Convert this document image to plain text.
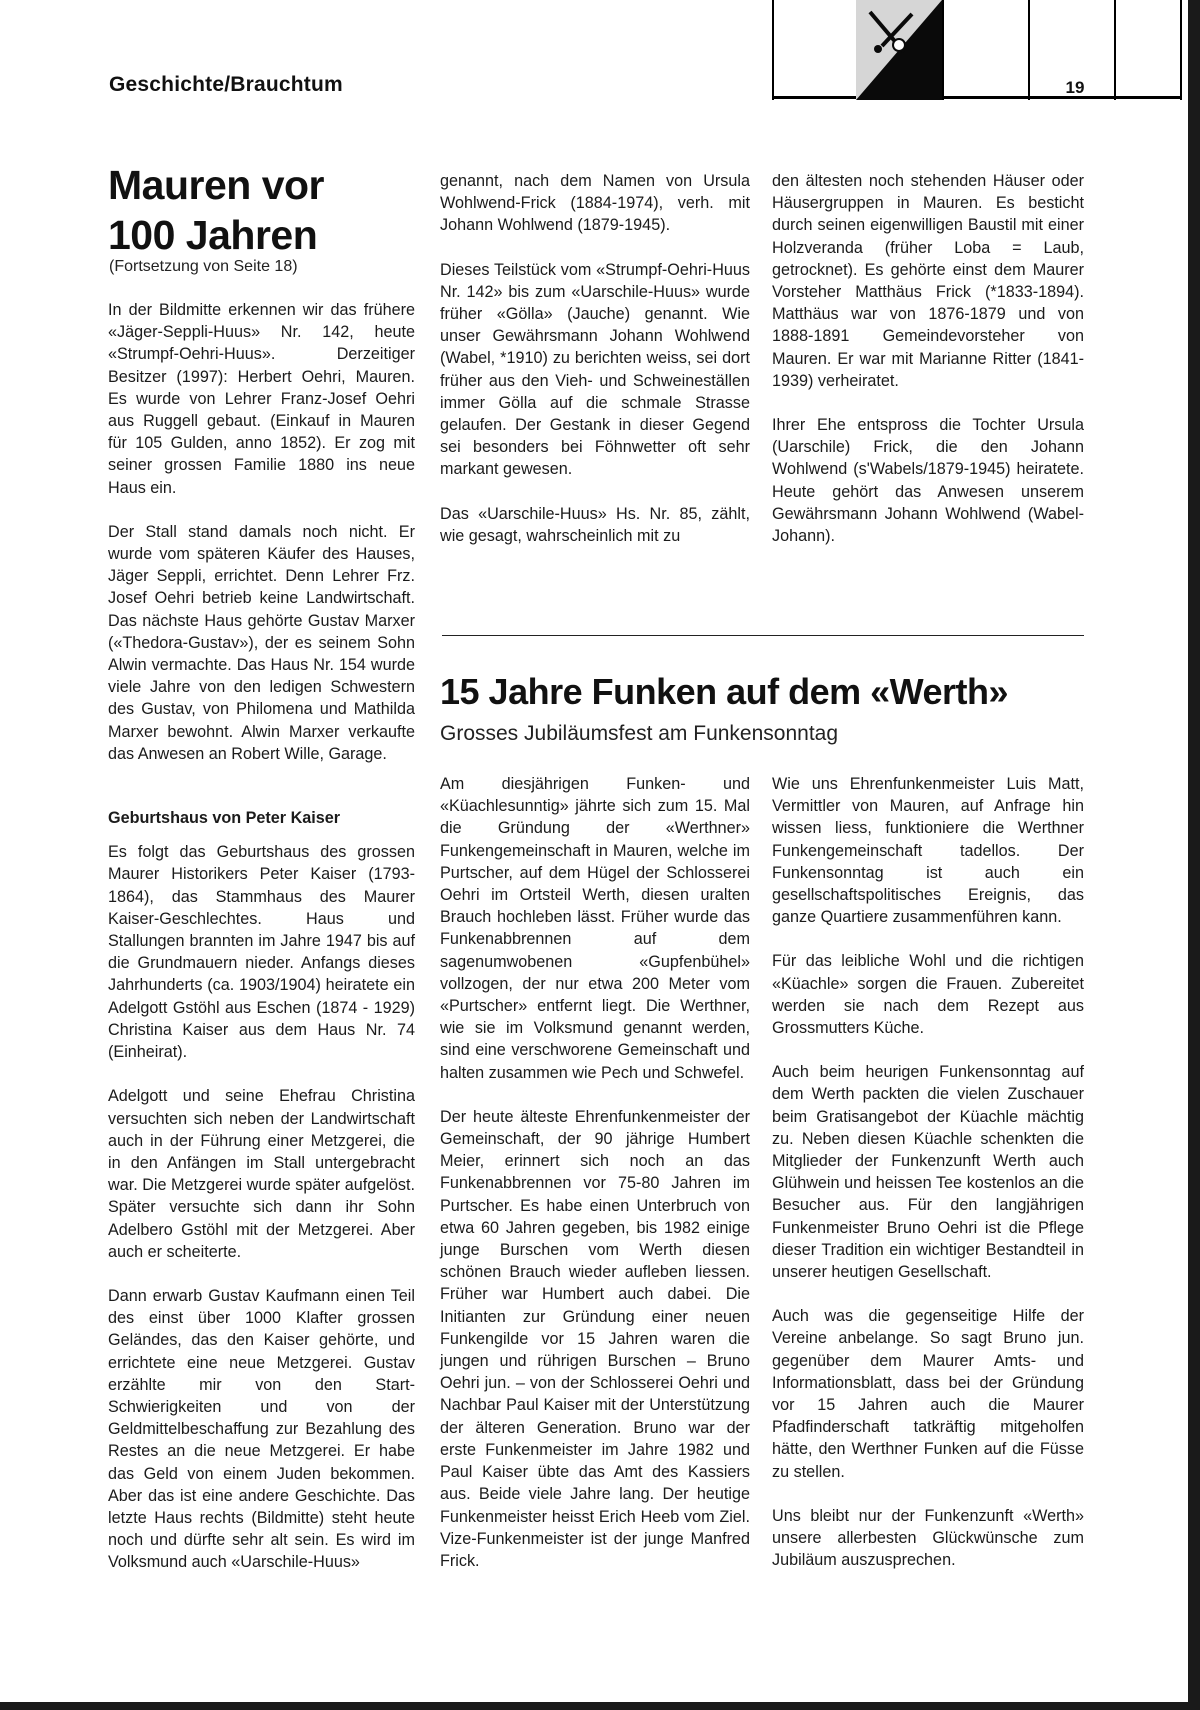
Geschichte/Brauchtum	19
Mauren vor
100 Jahren
(Fortsetzung von Seite 18)

In der Bildmitte erkennen wir das frühere «Jäger-Seppli-Huus» Nr. 142, heute «Strumpf-Oehri-Huus». Derzeitiger Besitzer (1997): Herbert Oehri, Mauren. Es wurde von Lehrer Franz-Josef Oehri aus Ruggell gebaut. (Einkauf in Mauren für 105 Gulden, anno 1852). Er zog mit seiner grossen Familie 1880 ins neue Haus ein.

Der Stall stand damals noch nicht. Er wurde vom späteren Käufer des Hauses, Jäger Seppli, errichtet. Denn Lehrer Frz. Josef Oehri betrieb keine Landwirtschaft. Das nächste Haus gehörte Gustav Marxer («Thedora-Gustav»), der es seinem Sohn Alwin vermachte. Das Haus Nr. 154 wurde viele Jahre von den ledigen Schwestern des Gustav, von Philomena und Mathilda Marxer bewohnt. Alwin Marxer verkaufte das Anwesen an Robert Wille, Garage.

Geburtshaus von Peter Kaiser

Es folgt das Geburtshaus des grossen Maurer Historikers Peter Kaiser (1793-1864), das Stammhaus des Maurer Kaiser-Geschlechtes. Haus und Stallungen brannten im Jahre 1947 bis auf die Grundmauern nieder. Anfangs dieses Jahrhunderts (ca. 1903/1904) heiratete ein Adelgott Gstöhl aus Eschen (1874 - 1929) Christina Kaiser aus dem Haus Nr. 74 (Einheirat).

Adelgott und seine Ehefrau Christina versuchten sich neben der Landwirtschaft auch in der Führung einer Metzgerei, die in den Anfängen im Stall untergebracht war. Die Metzgerei wurde später aufgelöst. Später versuchte sich dann ihr Sohn Adelbero Gstöhl mit der Metzgerei. Aber auch er scheiterte.

Dann erwarb Gustav Kaufmann einen Teil des einst über 1000 Klafter grossen Geländes, das den Kaiser gehörte, und errichtete eine neue Metzgerei. Gustav erzählte mir von den Start- Schwierigkeiten und von der Geldmittelbeschaffung zur Bezahlung des Restes an die neue Metzgerei. Er habe das Geld von einem Juden bekommen. Aber das ist eine andere Geschichte. Das letzte Haus rechts (Bildmitte) steht heute noch und dürfte sehr alt sein. Es wird im Volksmund auch «Uarschile-Huus»

genannt, nach dem Namen von Ursula Wohlwend-Frick (1884-1974), verh. mit Johann Wohlwend (1879-1945).

Dieses Teilstück vom «Strumpf-Oehri-Huus Nr. 142» bis zum «Uarschile-Huus» wurde früher «Gölla» (Jauche) genannt. Wie unser Gewährsmann Johann Wohlwend (Wabel, *1910) zu berichten weiss, sei dort früher aus den Vieh- und Schweineställen immer Gölla auf die schmale Strasse gelaufen. Der Gestank in dieser Gegend sei besonders bei Föhnwetter oft sehr markant gewesen.

Das «Uarschile-Huus» Hs. Nr. 85, zählt, wie gesagt, wahrscheinlich mit zu

den ältesten noch stehenden Häuser oder Häusergruppen in Mauren. Es besticht durch seinen eigenwilligen Baustil mit einer Holzveranda (früher Loba = Laub, getrocknet). Es gehörte einst dem Maurer Vorsteher Matthäus Frick (*1833-1894). Matthäus war von 1876-1879 und von 1888-1891 Gemeindevorsteher von Mauren. Er war mit Marianne Ritter (1841-1939) verheiratet.

Ihrer Ehe entspross die Tochter Ursula (Uarschile) Frick, die den Johann Wohlwend (s'Wabels/1879-1945) heiratete. Heute gehört das Anwesen unserem Gewährsmann Johann Wohlwend (Wabel-Johann).

15 Jahre Funken auf dem «Werth»
Grosses Jubiläumsfest am Funkensonntag

Am diesjährigen Funken- und «Küachlesunntig» jährte sich zum 15. Mal die Gründung der «Werthner» Funkengemeinschaft in Mauren, welche im Purtscher, auf dem Hügel der Schlosserei Oehri im Ortsteil Werth, diesen uralten Brauch hochleben lässt. Früher wurde das Funkenabbrennen auf dem sagenumwobenen «Gupfenbühel» vollzogen, der nur etwa 200 Meter vom «Purtscher» entfernt liegt. Die Werthner, wie sie im Volksmund genannt werden, sind eine verschworene Gemeinschaft und halten zusammen wie Pech und Schwefel.

Der heute älteste Ehrenfunkenmeister der Gemeinschaft, der 90 jährige Humbert Meier, erinnert sich noch an das Funkenabbrennen vor 75-80 Jahren im Purtscher. Es habe einen Unterbruch von etwa 60 Jahren gegeben, bis 1982 einige junge Burschen vom Werth diesen schönen Brauch wieder aufleben liessen. Früher war Humbert auch dabei. Die Initianten zur Gründung einer neuen Funkengilde vor 15 Jahren waren die jungen und rührigen Burschen – Bruno Oehri jun. – von der Schlosserei Oehri und Nachbar Paul Kaiser mit der Unterstützung der älteren Generation. Bruno war der erste Funkenmeister im Jahre 1982 und Paul Kaiser übte das Amt des Kassiers aus. Beide viele Jahre lang. Der heutige Funkenmeister heisst Erich Heeb vom Ziel. Vize-Funkenmeister ist der junge Manfred Frick.

Wie uns Ehrenfunkenmeister Luis Matt, Vermittler von Mauren, auf Anfrage hin wissen liess, funktioniere die Werthner Funkengemeinschaft tadellos. Der Funkensonntag ist auch ein gesellschaftspolitisches Ereignis, das ganze Quartiere zusammenführen kann.

Für das leibliche Wohl und die richtigen «Küachle» sorgen die Frauen. Zubereitet werden sie nach dem Rezept aus Grossmutters Küche.

Auch beim heurigen Funkensonntag auf dem Werth packten die vielen Zuschauer beim Gratisangebot der Küachle mächtig zu. Neben diesen Küachle schenkten die Mitglieder der Funkenzunft Werth auch Glühwein und heissen Tee kostenlos an die Besucher aus. Für den langjährigen Funkenmeister Bruno Oehri ist die Pflege dieser Tradition ein wichtiger Bestandteil in unserer heutigen Gesellschaft.

Auch was die gegenseitige Hilfe der Vereine anbelange. So sagt Bruno jun. gegenüber dem Maurer Amts- und Informationsblatt, dass bei der Gründung vor 15 Jahren auch die Maurer Pfadfinderschaft tatkräftig mitgeholfen hätte, den Werthner Funken auf die Füsse zu stellen.

Uns bleibt nur der Funkenzunft «Werth» unsere allerbesten Glückwünsche zum Jubiläum auszusprechen.
